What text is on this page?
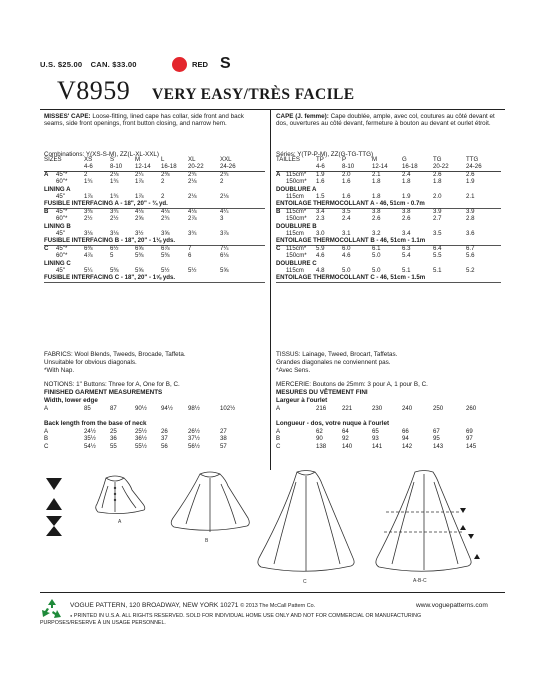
U.S. $25.00 CAN. $33.00	RED S
V8959 VERY EASY/TRÈS FACILE
MISSES' CAPE: Loose-fitting, lined cape has collar, side front and back seams, side front openings, front button closing, and narrow hem.
Combinations: Y(XS-S-M), ZZ(L-XL-XXL)
SIZES	XS	S	M	L	XL	XXL
4-6	8-10 12-14 16-18 20-22	24-26
A 45"*	2	2⅛	2¼	2⅜	2¾	2¾
60"*	1¾	1¾	1⅞	2	2⅛	2
LINING A
45"	1⅞	1¾	1⅞	2	2⅛	2⅛
FUSIBLE INTERFACING A - 18", 20" - ¾ yd.
B 45"*	3⅜	3¾	4⅛	4⅛	4⅛	4¼
60"*	2½	2½	2⅝	2¾	2⅞	3
LINING B
45"	3⅛	3⅛	3½	3⅝	3¾	3⅞
FUSIBLE INTERFACING B - 18", 20" - 1⅛ yds.
C 45"*	6⅜	6½	6⅝	6⅞	7	7¼
60"*	4⅞	5	5⅜	5⅜	6	6⅛
LINING C
45"	5¼	5⅜	5⅝	5½	5½	5⅝
FUSIBLE INTERFACING C - 18", 20" - 1⅝ yds.
FABRICS: Wool Blends, Tweeds, Brocade, Taffeta.
Unsuitable for obvious diagonals.
*With Nap.
NOTIONS: 1" Buttons: Three for A, One for B, C.
FINISHED GARMENT MEASUREMENTS
Width, lower edge
Back length from the base of neck
A	85	87	90½ 94½ 98½	102½
A	24½ 25	25½ 26	26½	27
B	35½ 36	36½ 37	37½	38
C	54½ 55	55½ 56	56½	57
CAPE (J. femme): Cape doublée, ample, avec col, coutures au côté devant et dos, ouvertures au côté devant, fermeture à bouton au devant et ourlet étroit.
Séries: Y(TP-P-M), ZZ(G-TG-TTG)
TAILLES	TP	P	M	G	TG	TTG
4-6	8-10	12-14 16-18	20-22	24-26
A 115cm* 1.9	2.0	2.1	2.4	2.6	2.6
150cm* 1.6	1.6	1.8	1.8	1.8	1.9
DOUBLURE A
115cm 1.5	1.6	1.8	1.9	2.0	2.1
ENTOILAGE THERMOCOLLANT A - 46, 51cm - 0.7m
B 115cm* 3.4	3.5	3.8	3.8	3.9	3.9
150cm* 2.3	2.4	2.6	2.6	2.7	2.8
DOUBLURE B
115cm 3.0	3.1	3.2	3.4	3.5	3.6
ENTOILAGE THERMOCOLLANT B - 46, 51cm - 1.1m
C 115cm* 5.9	6.0	6.1	6.3	6.4	6.7
150cm* 4.6	4.6	5.0	5.4	5.5	5.6
DOUBLURE C
115cm 4.8	5.0	5.0	5.1	5.1	5.2
ENTOILAGE THERMOCOLLANT C - 46, 51cm - 1.5m
TISSUS: Lainage, Tweed, Brocart, Taffetas.
Grandes diagonales ne conviennent pas.
*Avec Sens.
MERCERIE: Boutons de 25mm: 3 pour A, 1 pour B, C.
MESURES DU VÊTEMENT FINI
Largeur à l'ourlet
Longueur - dos, votre nuque à l'ourlet
A	216	221	230	240	250	260
A	62	64	65	66	67	69
B	90	92	93	94	95	97
C	138	140	141	142	143	145
A
B
C	A-B-C
VOGUE PATTERN, 120 BROADWAY, NEW YORK 10271 © 2013 The McCall Pattern Co.	www.voguepatterns.com
● PRINTED IN U.S.A. ALL RIGHTS RESERVED. SOLD FOR INDIVIDUAL HOME USE ONLY AND NOT FOR COMMERCIAL OR MANUFACTURING
PURPOSES/RESERVE À UN USAGE PERSONNEL.
